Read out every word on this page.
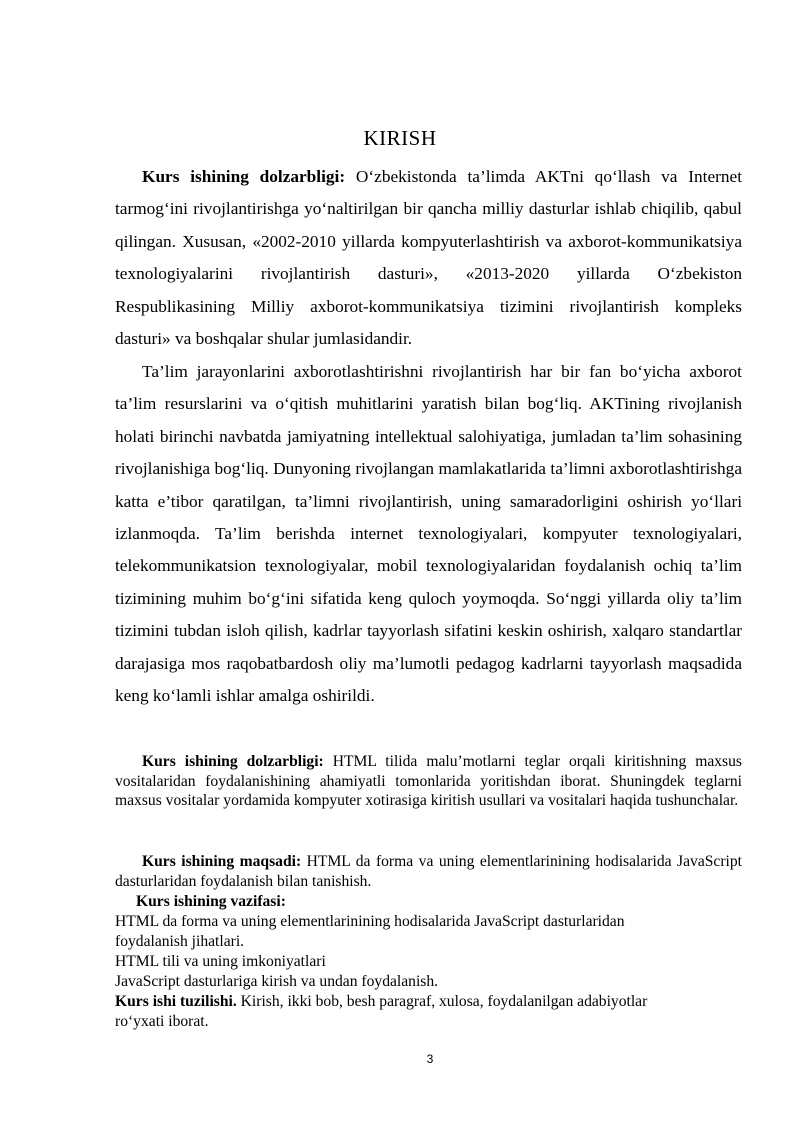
KIRISH

Kurs ishining dolzarbligi: O‘zbekistonda ta’limda AKTni qo‘llash va Internet tarmog‘ini rivojlantirishga yo‘naltirilgan bir qancha milliy dasturlar ishlab chiqilib, qabul qilingan. Xususan, «2002-2010 yillarda kompyuterlashtirish va axborot-kommunikatsiya texnologiyalarini rivojlantirish dasturi», «2013-2020 yillarda O‘zbekiston Respublikasining Milliy axborot-kommunikatsiya tizimini rivojlantirish kompleks dasturi» va boshqalar shular jumlasidandir.

Ta’lim jarayonlarini axborotlashtirishni rivojlantirish har bir fan bo‘yicha axborot ta’lim resurslarini va o‘qitish muhitlarini yaratish bilan bog‘liq. AKTining rivojlanish holati birinchi navbatda jamiyatning intellektual salohiyatiga, jumladan ta’lim sohasining rivojlanishiga bog‘liq. Dunyoning rivojlangan mamlakatlarida ta’limni axborotlashtirishga katta e’tibor qaratilgan, ta’limni rivojlantirish, uning samaradorligini oshirish yo‘llari izlanmoqda. Ta’lim berishda internet texnologiyalari, kompyuter texnologiyalari, telekommunikatsion texnologiyalar, mobil texnologiyalaridan foydalanish ochiq ta’lim tizimining muhim bo‘g‘ini sifatida keng quloch yoymoqda. So‘nggi yillarda oliy ta’lim tizimini tubdan isloh qilish, kadrlar tayyorlash sifatini keskin oshirish, xalqaro standartlar darajasiga mos raqobatbardosh oliy ma’lumotli pedagog kadrlarni tayyorlash maqsadida keng ko‘lamli ishlar amalga oshirildi.

Kurs ishining dolzarbligi: HTML tilida malu’motlarni teglar orqali kiritishning maxsus vositalaridan foydalanishining ahamiyatli tomonlarida yoritishdan iborat. Shuningdek teglarni maxsus vositalar yordamida kompyuter xotirasiga kiritish usullari va vositalari haqida tushunchalar.

Kurs ishining maqsadi: HTML da forma va uning elementlarinining hodisalarida JavaScript dasturlaridan foydalanish bilan tanishish.

Kurs ishining vazifasi:

HTML da forma va uning elementlarinining hodisalarida JavaScript dasturlaridan

foydalanish jihatlari.

HTML tili va uning imkoniyatlari

JavaScript dasturlariga kirish va undan foydalanish.

Kurs ishi tuzilishi. Kirish, ikki bob, besh paragraf, xulosa, foydalanilgan adabiyotlar

ro‘yxati iborat.

3
